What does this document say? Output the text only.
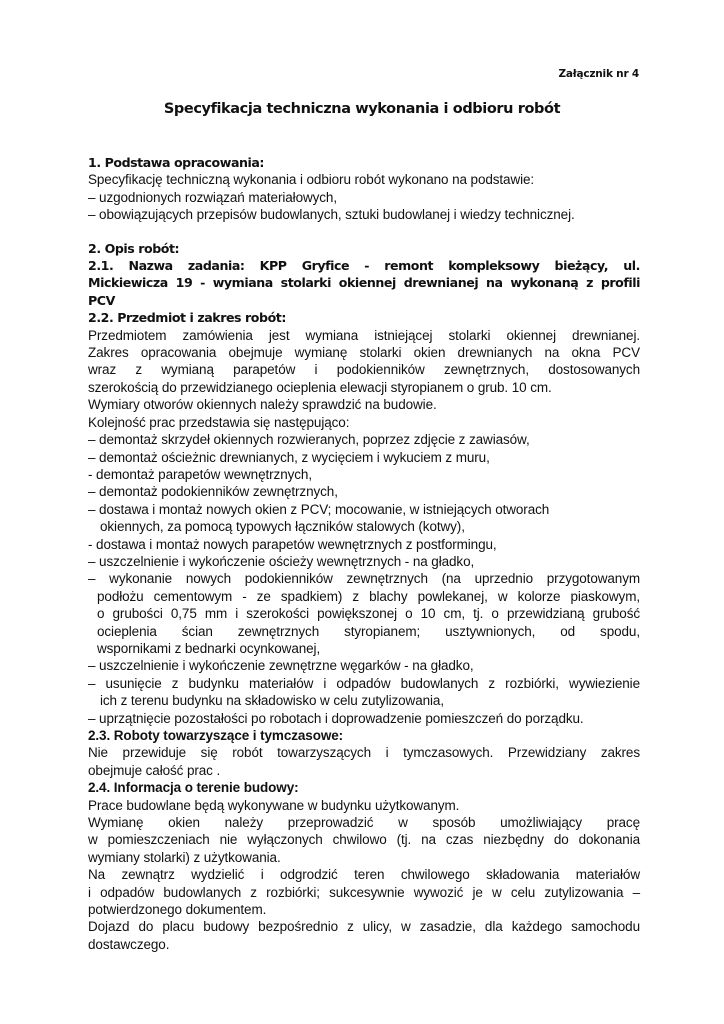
Załącznik nr 4
Specyfikacja techniczna wykonania i odbioru robót

1. Podstawa opracowania:

Specyfikację techniczną wykonania i odbioru robót wykonano na podstawie:

– uzgodnionych rozwiązań materiałowych,

– obowiązujących przepisów budowlanych, sztuki budowlanej i wiedzy technicznej.

2. Opis robót:

2.1. Nazwa zadania: KPP Gryfice - remont kompleksowy bieżący, ul.

Mickiewicza 19 - wymiana stolarki okiennej drewnianej na wykonaną z profili

PCV

2.2. Przedmiot i zakres robót:

Przedmiotem zamówienia jest wymiana istniejącej stolarki okiennej drewnianej.

Zakres opracowania obejmuje wymianę stolarki okien drewnianych na okna PCV

wraz z wymianą parapetów i podokienników zewnętrznych, dostosowanych

szerokością do przewidzianego ocieplenia elewacji styropianem o grub. 10 cm.

Wymiary otworów okiennych należy sprawdzić na budowie.

Kolejność prac przedstawia się następująco:

– demontaż skrzydeł okiennych rozwieranych, poprzez zdjęcie z zawiasów,

– demontaż ościeżnic drewnianych, z wycięciem i wykuciem z muru,

- demontaż parapetów wewnętrznych,

– demontaż podokienników zewnętrznych,

– dostawa i montaż nowych okien z PCV; mocowanie, w istniejących otworach

okiennych, za pomocą typowych łączników stalowych (kotwy),

- dostawa i montaż nowych parapetów wewnętrznych z postformingu,

– uszczelnienie i wykończenie ościeży wewnętrznych - na gładko,

– wykonanie nowych podokienników zewnętrznych (na uprzednio przygotowanym

podłożu cementowym - ze spadkiem) z blachy powlekanej, w kolorze piaskowym,

o grubości 0,75 mm i szerokości powiększonej o 10 cm, tj. o przewidzianą grubość

ocieplenia ścian zewnętrznych styropianem; usztywnionych, od spodu,

wspornikami z bednarki ocynkowanej,

– uszczelnienie i wykończenie zewnętrzne węgarków - na gładko,

– usunięcie z budynku materiałów i odpadów budowlanych z rozbiórki, wywiezienie

ich z terenu budynku na składowisko w celu zutylizowania,

– uprzątnięcie pozostałości po robotach i doprowadzenie pomieszczeń do porządku.

2.3. Roboty towarzyszące i tymczasowe:

Nie przewiduje się robót towarzyszących i tymczasowych. Przewidziany zakres

obejmuje całość prac .

2.4. Informacja o terenie budowy:

Prace budowlane będą wykonywane w budynku użytkowanym.

Wymianę okien należy przeprowadzić w sposób umożliwiający pracę

w pomieszczeniach nie wyłączonych chwilowo (tj. na czas niezbędny do dokonania

wymiany stolarki) z użytkowania.

Na zewnątrz wydzielić i odgrodzić teren chwilowego składowania materiałów

i odpadów budowlanych z rozbiórki; sukcesywnie wywozić je w celu zutylizowania –

potwierdzonego dokumentem.

Dojazd do placu budowy bezpośrednio z ulicy, w zasadzie, dla każdego samochodu

dostawczego.
